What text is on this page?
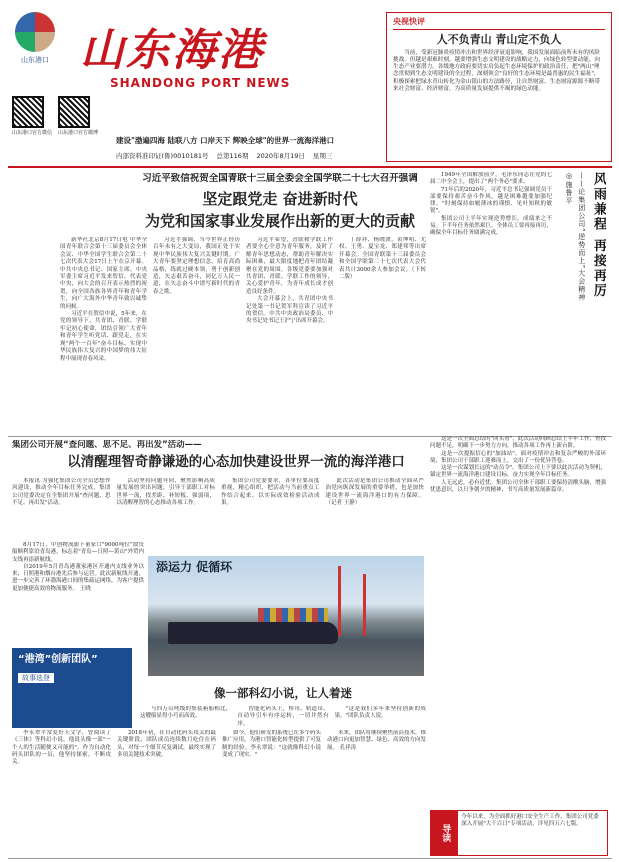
山东港口 山东海港
SHANDONG PORT NEWS
山东港口官方微信 山东港口官方微博
建设"渤遍四海 陆联八方 口岸天下 辉映全球"的世界一流海洋港口
内部资料准印证(鲁)0010181号 总第116期 2020年8月19日 星期三
央视快评
人不负青山 青山定不负人
当前，受新冠肺炎疫情冲击和世界经济衰退影响，我国发展面临前所未有的风险挑战。但越是艰难时刻，越要增强生态文明建设的战略定力，向绿色转型要动能、向生态产业要潜力。各级地方政府要切实肩负起生态环境保护的政治责任，把"两山"理念贯彻到生态文明建设的全过程，深刻领会"良好的生态环境是最普惠的民生福祉"，积极探索把绿水青山转化为金山银山的方法路径，让自然财富、生态财富源源不断带来社会财富、经济财富，为高质量发展提供不竭的绿色动能。
习近平致信祝贺全国青联十三届全委会全国学联二十七大召开强调
坚定跟党走 奋进新时代
为党和国家事业发展作出新的更大的贡献

新华社北京8月17日电 中华全国青年联合会第十三届委员会全体会议、中华全国学生联合会第二十七次代表大会17日上午在京开幕。中共中央总书记、国家主席、中央军委主席习近平发来贺信，代表党中央，向大会的召开表示热烈的祝贺，向全国各族各界青年和青年学生，向广大海外中华青年致以诚挚的问候。

习近平在贺信中说，5年来，在党的领导下，共青团、青联、学联牢记初心使命，团结引领广大青年和青年学生听党话、跟党走，在实现"两个一百年"奋斗目标、实现中华民族伟大复兴的中国梦的伟大征程中展现青春风采。

习近平强调，当今世界正经历百年未有之大变局，我国正处于实现中华民族伟大复兴关键时期。广大青年要坚定理想信念，培育高尚品格，练就过硬本领，勇于创新创造，矢志艰苦奋斗，同亿万人民一道，在矢志奋斗中谱写新时代的青春之歌。

习近平希望，青联和学联工作者要全心全意为青年服务，及时了解青年思想动态，帮助青年解决实际困难，最大限度地把青年团结凝聚在党的周围。各级党委要加强对共青团、青联、学联工作的领导，关心爱护青年，为青年成长成才创造良好条件。

大会开幕会上，共青团中央书记处第一书记贺军科宣读了习近平的贺信。中共中央政治局委员、中央书记处书记王沪宁出席开幕会。

丁薛祥、杨晓渡、黄坤明、尤权、王勇、夏宝龙、郑建邦等出席开幕会。全国青联第十三届委员会和全国学联第二十七次代表大会代表共计3000余人参加会议。（下转二版）

1949年全国解放前夕，毛泽东同志在党的七届二中全会上，提出了"两个务必"要求。

71年后的2020年，习近平总书记强调党员干部要保持艰苦奋斗作风。越是困难越要加强纪律，"时刻保持如履薄冰的谨慎、见叶知秋的敏锐"。

集团公司上半年实现逆势增长，成绩来之不易。下半年任务依然艰巨，全体员工要再接再厉，确保全年目标任务圆满完成。

◎施鲁平 ——论集团公司“逆势而上”大会精神 风雨兼程 再接再厉
集团公司开展“查问题、思不足、再出发”活动——
以清醒理智奇静谦逊的心态加快建设世界一流的海洋港口

本报讯 为强化集团公司全员思想作风建设，推动全年目标任务完成，集团公司党委决定在全集团开展"查问题、思不足、再出发"活动。

活动坚持问题导向，聚焦影响高质量发展的突出问题，引导干部职工对标世界一流，找差距、补短板、强弱项，以清醒理智的心态推动各项工作。

集团公司党委要求，各单位要高度重视，精心组织，把活动与当前重点工作结合起来，以实际成效检验活动成果。

此次活动是集团公司推动全面从严治党向纵深发展的重要举措，也是加快建设世界一流海洋港口的有力保障。 （记者 王静）

这是一次全面总结的"回头看"。此次活动回顾总结上半年工作，查找问题不足，明确下一步努力方向，推动各项工作再上新台阶。

这是一次提振信心的"加油站"。面对疫情冲击和复杂严峻的外部环境，集团公司干部职工迎难而上，交出了一份优异答卷。

这是一次谋划长远的"动员令"。集团公司上下要以此次活动为契机，锚定世界一流海洋港口建设目标，奋力实现全年目标任务。

人无远虑，必有近忧。集团公司全体干部职工要保持清醒头脑，增强忧患意识，以只争朝夕的精神，书写高质量发展新篇章。

8月17日，中创物流旗下董家口"9000吨位"散货船顺利靠泊青岛港，标志着"青岛—日照—黄山"外贸内支线再添新航线。

自2019年5月青岛港董家港区开通内支线业务以来，日照港和烟台港先后参与运营。此次新航线开通，进一步完善了环渤海港口间的集疏运网络，为客户提供更加便捷高效的物流服务。 王晓

添运力 促循环
“港湾”创新团队”
故事选登
像一部科幻小说，让人着迷

与四万山吨级的集装箱船相比，这艘船显得小巧而高效。

智能化码头上，桥吊、轨道吊、自动导引车有序运转，一切井然有序。

"这是我们多年来坚持创新的成果。"团队负责人说。

李永翠平常爱好天文学，曾阅读了《三体》等科幻小说。他说头像一部"一个人的生活随便又可能的"。作为自动化码头团队的一员，他坚持探索，不断攻关。

2018年初，在自动化码头攻关的最关键阶段，团队成员连续数月吃住在码头，对每一个细节反复调试，最终实现了多项关键技术突破。

如今，他们研发的系统已在多个码头推广应用，为港口智能化转型提供了可复制的经验。李永翠说："这就像科幻小说变成了现实。"

未来，团队将继续聚焦前沿技术，推动港口向更加智慧、绿色、高效的方向发展。 孔祥涛

导读
今年以来，为全面抓好港口安全生产工作，集团公司党委深入开展"大干百日"专项活动。详见四五六七版。
